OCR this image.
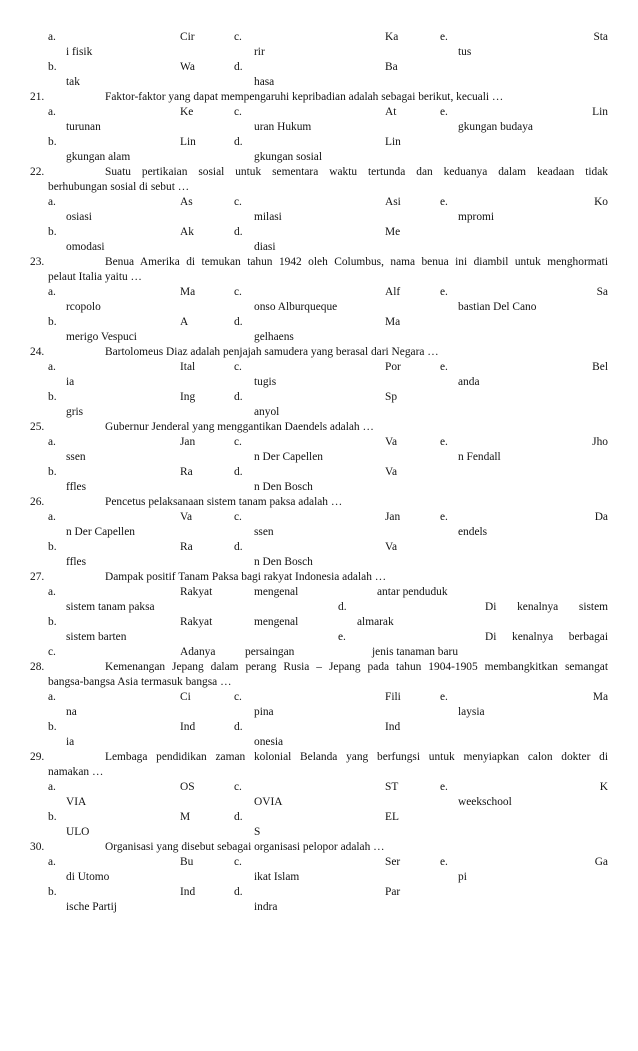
a.	Cir	c.	Ka	e.	Sta
i fisik	rir	tus
b.	Wa	d.	Ba
tak	hasa
21.	Faktor-faktor yang dapat mempengaruhi kepribadian adalah sebagai berikut, kecuali …
a.	Ke	c.	At	e.	Lin
turunan	uran Hukum	gkungan budaya
b.	Lin	d.	Lin
gkungan alam	gkungan sosial
22.	Suatu pertikaian sosial untuk sementara waktu tertunda dan keduanya dalam keadaan tidak
berhubungan sosial di sebut …
a.	As	c.	Asi	e.	Ko
osiasi	milasi	mpromi
b.	Ak	d.	Me
omodasi	diasi
23.	Benua Amerika di temukan tahun 1942 oleh Columbus, nama benua ini diambil untuk menghormati
pelaut Italia yaitu …
a.	Ma	c.	Alf	e.	Sa
rcopolo	onso Alburqueque	bastian Del Cano
b.	A	d.	Ma
merigo Vespuci	gelhaens
24.	Bartolomeus Diaz adalah penjajah samudera yang berasal dari Negara …
a.	Ital	c.	Por	e.	Bel
ia	tugis	anda
b.	Ing	d.	Sp
gris	anyol
25.	Gubernur Jenderal yang menggantikan Daendels adalah …
a.	Jan	c.	Va	e.	Jho
ssen	n Der Capellen	n Fendall
b.	Ra	d.	Va
ffles	n Den Bosch
26.	Pencetus pelaksanaan sistem tanam paksa adalah …
a.	Va	c.	Jan	e.	Da
n Der Capellen	ssen	endels
b.	Ra	d.	Va
ffles	n Den Bosch
27.	Dampak positif Tanam Paksa bagi rakyat Indonesia adalah …
a.	Rakyat	mengenal	antar penduduk
sistem tanam paksa	d.	Di kenalnya sistem
b.	Rakyat	mengenal	almarak
sistem barten	e.	Di kenalnya berbagai
c.	Adanya	persaingan	jenis tanaman baru
28.	Kemenangan Jepang dalam perang Rusia – Jepang pada tahun 1904-1905 membangkitkan semangat
bangsa-bangsa Asia termasuk bangsa …
a.	Ci	c.	Fili	e.	Ma
na	pina	laysia
b.	Ind	d.	Ind
ia	onesia
29.	Lembaga pendidikan zaman kolonial Belanda yang berfungsi untuk menyiapkan calon dokter di
namakan …
a.	OS	c.	ST	e.	K
VIA	OVIA	weekschool
b.	M	d.	EL
ULO	S
30.	Organisasi yang disebut sebagai organisasi pelopor adalah …
a.	Bu	c.	Ser	e.	Ga
di Utomo	ikat Islam	pi
b.	Ind	d.	Par
ische Partij	indra
